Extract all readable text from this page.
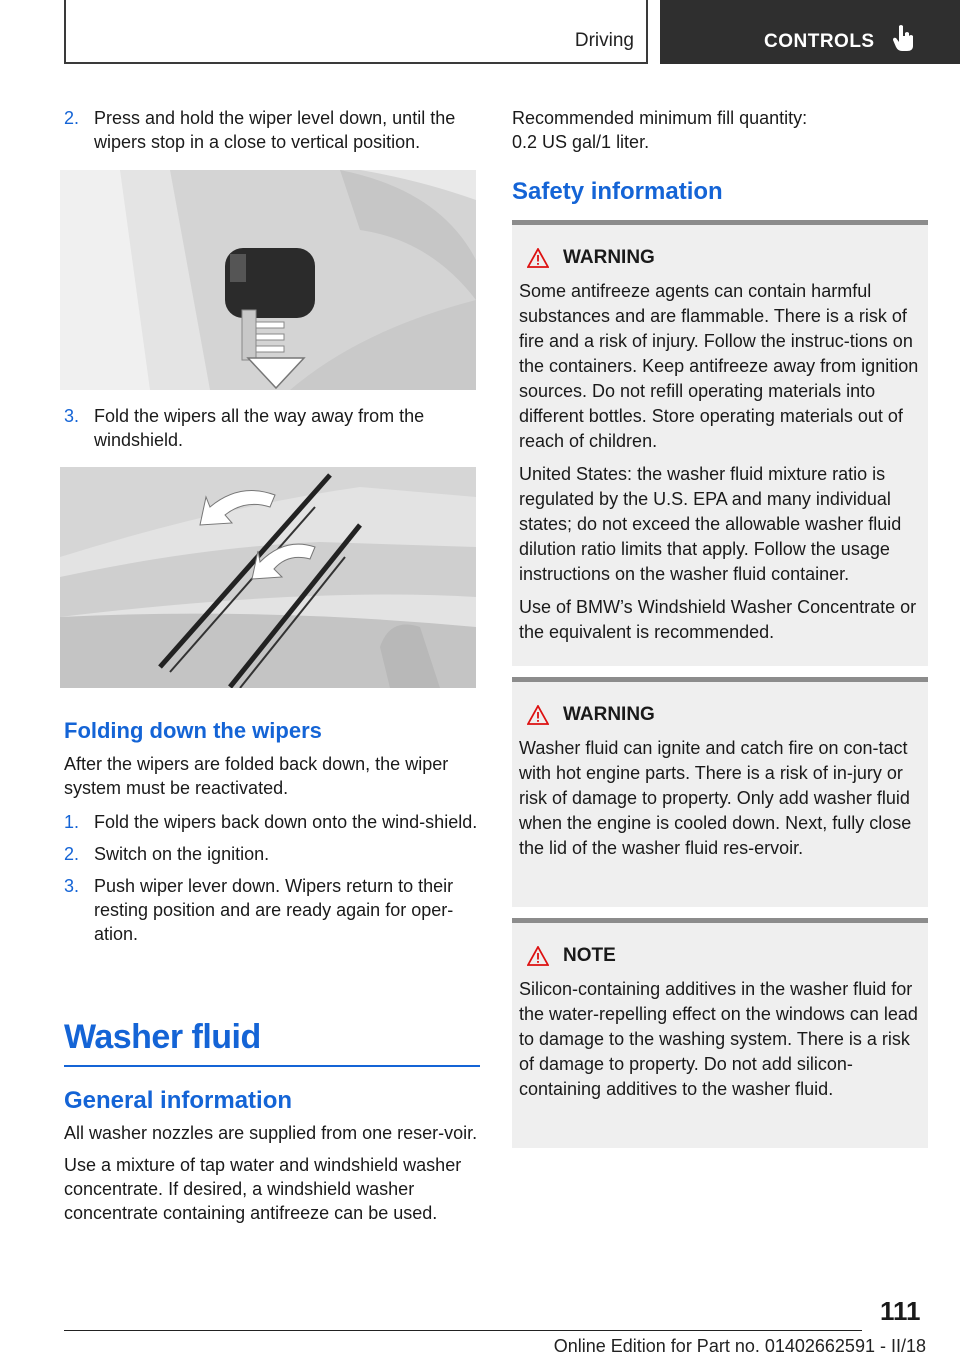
Driving	CONTROLS
2. Press and hold the wiper level down, until the wipers stop in a close to vertical position.
3. Fold the wipers all the way away from the windshield.
Folding down the wipers

After the wipers are folded back down, the wiper system must be reactivated.

1. Fold the wipers back down onto the wind‐shield.
2. Switch on the ignition.
3. Push wiper lever down. Wipers return to their resting position and are ready again for oper‐ation.
Washer fluid
General information

All washer nozzles are supplied from one reser‐voir.

Use a mixture of tap water and windshield washer concentrate. If desired, a windshield washer concentrate containing antifreeze can be used.

Recommended minimum fill quantity:

0.2 US gal/1 liter.

Safety information
WARNING

Some antifreeze agents can contain harmful substances and are flammable. There is a risk of fire and a risk of injury. Follow the instruc‐tions on the containers. Keep antifreeze away from ignition sources. Do not refill operating materials into different bottles. Store operating materials out of reach of children.

United States: the washer fluid mixture ratio is regulated by the U.S. EPA and many individual states; do not exceed the allowable washer fluid dilution ratio limits that apply. Follow the usage instructions on the washer fluid container.

Use of BMW’s Windshield Washer Concentrate or the equivalent is recommended.

WARNING

Washer fluid can ignite and catch fire on con‐tact with hot engine parts. There is a risk of in‐jury or risk of damage to property. Only add washer fluid when the engine is cooled down. Next, fully close the lid of the washer fluid res‐ervoir.

NOTE

Silicon-containing additives in the washer fluid for the water-repelling effect on the windows can lead to damage to the washing system. There is a risk of damage to property. Do not add silicon-containing additives to the washer fluid.

111
Online Edition for Part no. 01402662591 - II/18
